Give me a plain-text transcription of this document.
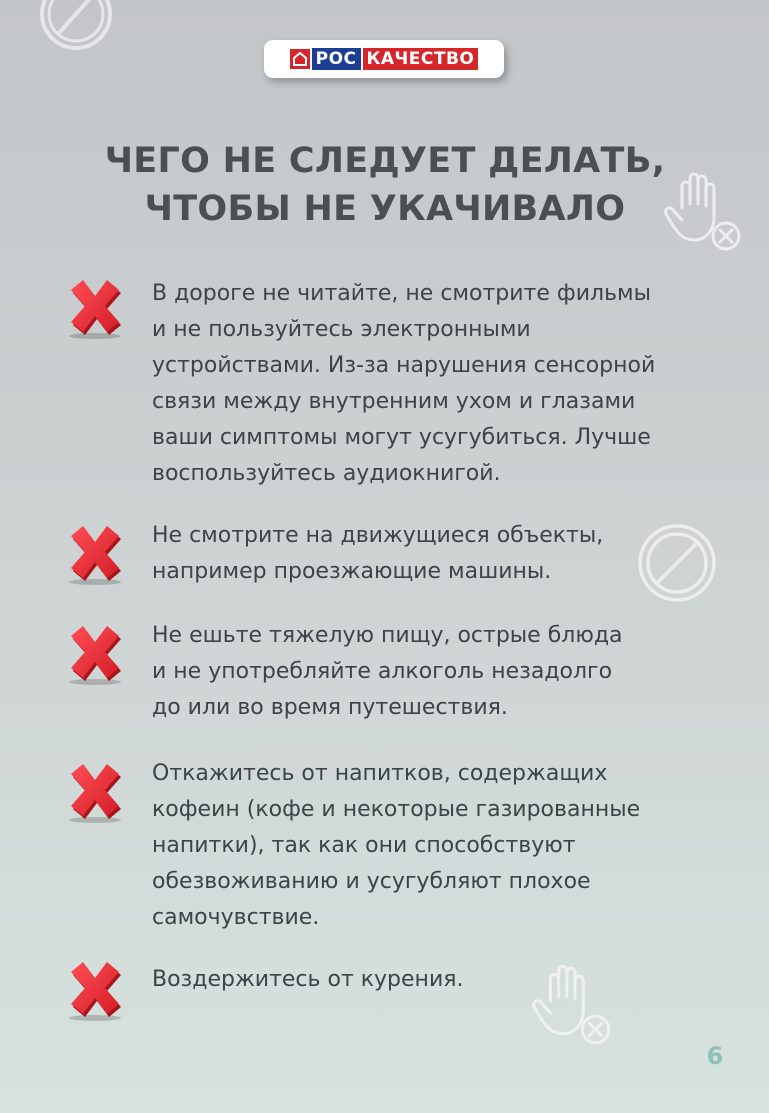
РОС КАЧЕСТВО

ЧЕГО НЕ СЛЕДУЕТ ДЕЛАТЬ,

ЧТОБЫ НЕ УКАЧИВАЛО

В дороге не читайте, не смотрите фильмы
и не пользуйтесь электронными
устройствами. Из-за нарушения сенсорной
связи между внутренним ухом и глазами
ваши симптомы могут усугубиться. Лучше
воспользуйтесь аудиокнигой.

Не смотрите на движущиеся объекты,
например проезжающие машины.

Не ешьте тяжелую пищу, острые блюда
и не употребляйте алкоголь незадолго
до или во время путешествия.

Откажитесь от напитков, содержащих
кофеин (кофе и некоторые газированные
напитки), так как они способствуют
обезвоживанию и усугубляют плохое
самочувствие.

Воздержитесь от курения.

6
